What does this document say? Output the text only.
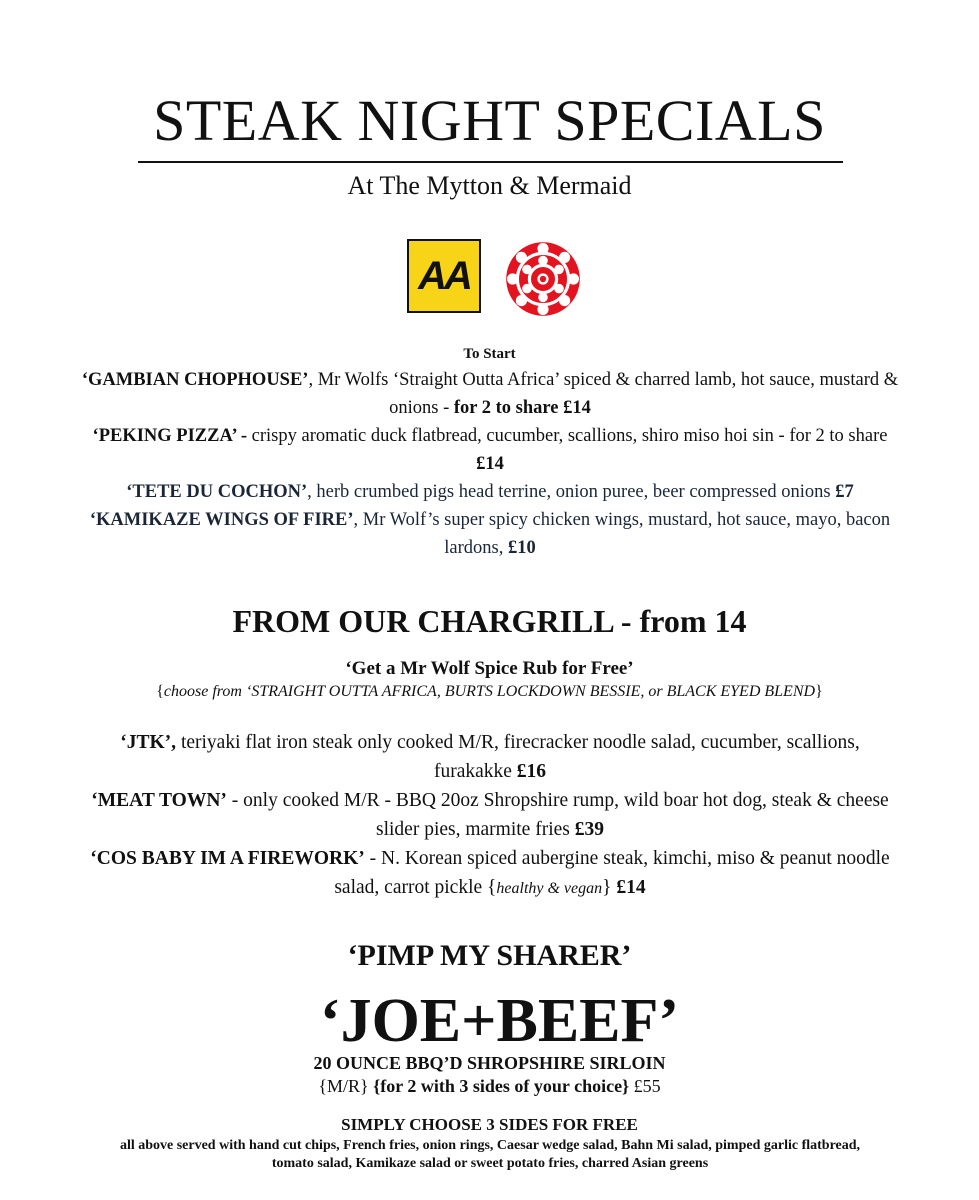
STEAK NIGHT SPECIALS
At The Mytton & Mermaid
AA
To Start

‘GAMBIAN CHOPHOUSE’, Mr Wolfs ‘Straight Outta Africa’ spiced & charred lamb, hot sauce, mustard & onions - for 2 to share £14

‘PEKING PIZZA’ - crispy aromatic duck flatbread, cucumber, scallions, shiro miso hoi sin - for 2 to share £14

‘TETE DU COCHON’, herb crumbed pigs head terrine, onion puree, beer compressed onions £7

‘KAMIKAZE WINGS OF FIRE’, Mr Wolf’s super spicy chicken wings, mustard, hot sauce, mayo, bacon lardons, £10

FROM OUR CHARGRILL - from 14
‘Get a Mr Wolf Spice Rub for Free’
{choose from ‘STRAIGHT OUTTA AFRICA, BURTS LOCKDOWN BESSIE, or BLACK EYED BLEND}

‘JTK’, teriyaki flat iron steak only cooked M/R, firecracker noodle salad, cucumber, scallions, furakakke £16

‘MEAT TOWN’ - only cooked M/R - BBQ 20oz Shropshire rump, wild boar hot dog, steak & cheese slider pies, marmite fries £39

‘COS BABY IM A FIREWORK’ - N. Korean spiced aubergine steak, kimchi, miso & peanut noodle salad, carrot pickle {healthy & vegan} £14

‘PIMP MY SHARER’
‘JOE+BEEF’
20 OUNCE BBQ’D SHROPSHIRE SIRLOIN
{M/R} {for 2 with 3 sides of your choice} £55
SIMPLY CHOOSE 3 SIDES FOR FREE
all above served with hand cut chips, French fries, onion rings, Caesar wedge salad, Bahn Mi salad, pimped garlic flatbread, tomato salad, Kamikaze salad or sweet potato fries, charred Asian greens
